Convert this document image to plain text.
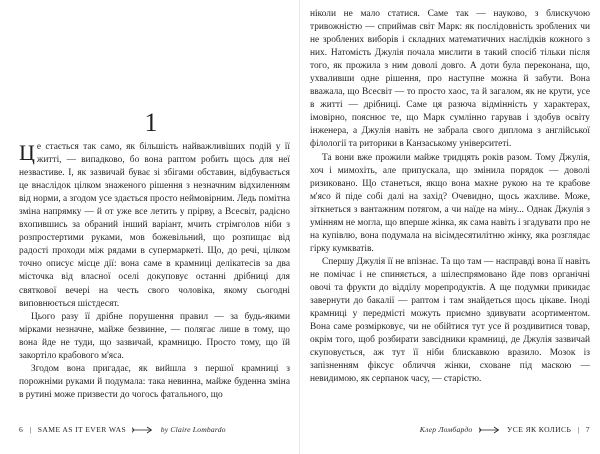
1

Це стається так само, як більшість найважливіших подій у її житті, — випадково, бо вона раптом робить щось для неї незвастиве. І, як зазвичай буває зі збігами обставин, відбувається це внаслідок цілком знаженого рішення з незначним відхиленням від норми, а згодом усе здається просто неймовірним. Ледь помітна зміна напрямку — й от уже все летить у прірву, а Всесвіт, радісно вхопившись за обраний інший варіант, мчить стрімголов ніби з розпростертими руками, мов божевільний, що розпищає від радості проходи між рядами в супермаркеті. Що, до речі, цілком точно описує місце дії: вона саме в крамниці делікатесів за два місточка від власної оселі докуповує останні дрібниці для святкової вечері на честь свого чоловіка, якому сьогодні виповнюється шістдесят.

Цього разу її дрібне порушення правил — за будь-якими мірками незначне, майже безвинне, — полягає лише в тому, що вона йде не туди, що зазвичай, крамницю. Просто тому, що їй закортіло крабового м'яса.

Згодом вона пригадає, як вийшла з першої крамниці з порожніми руками й подумала: така невинна, майже буденна зміна в рутині може призвести до чогось фатального, що

6 | SAME AS IT EVER WAS	by Claire Lombardo

ніколи не мало статися. Саме так — науково, з блискучою тривожністю — сприймав світ Марк: як послідовність зроблених чи не зроблених виборів і складних математичних наслідків кожного з них. Натомість Джулія почала мислити в такий спосіб тільки після того, як прожила з ним доволі довго. А доти була переконана, що, ухваливши одне рішення, про наступне можна й забути. Вона вважала, що Всесвіт — то просто хаос, та й загалом, як не крути, усе в житті — дрібниці. Саме ця разюча відмінність у характерах, імовірно, пояснює те, що Марк сумлінно гарував і здобув освіту інженера, а Джулія навіть не забрала свого диплома з англійської філології та риторики в Канзаському університеті.

Та вони вже прожили майже тридцять років разом. Тому Джулія, хоч і мимохіть, але припускала, що змінила порядок — доволі ризиковано. Що станеться, якщо вона махне рукою на те крабове м'ясо й піде собі далі на захід? Очевидно, щось жахливе. Може, зіткнеться з вантажним потягом, а чи наїде на міну... Однак Джулія з умінням не могла, що вперше жінка, як сама навіть і згадувати про не на купівлю, вона подумала на вісімдесятилітню жінку, яка розглядає гірку кумкватів.

Спершу Джулія її не впізнає. Та що там — насправді вона її навіть не помічає і не спиняється, а шілеспрямовано йде повз органічні овочі та фрукти до відділу морепродуктів. А ще подумки прикидає завернути до бакалії — раптом і там знайдеться щось цікаве. Іноді крамниці у передмісті можуть приємно здивувати асортиментом. Вона саме розмірковує, чи не обійтися тут усе й роздивитися товар, окрім того, щоб розбирати завсідники крамниці, де Джулія зазвичай скуповується, аж тут її ніби блискавкою вразило. Мозок із запізненням фіксує обличчя жінки, сховане під маскою — невидимою, як серпанок часу, — старістю.

Клер Ломбардо	УСЕ ЯК КОЛИСЬ | 7
